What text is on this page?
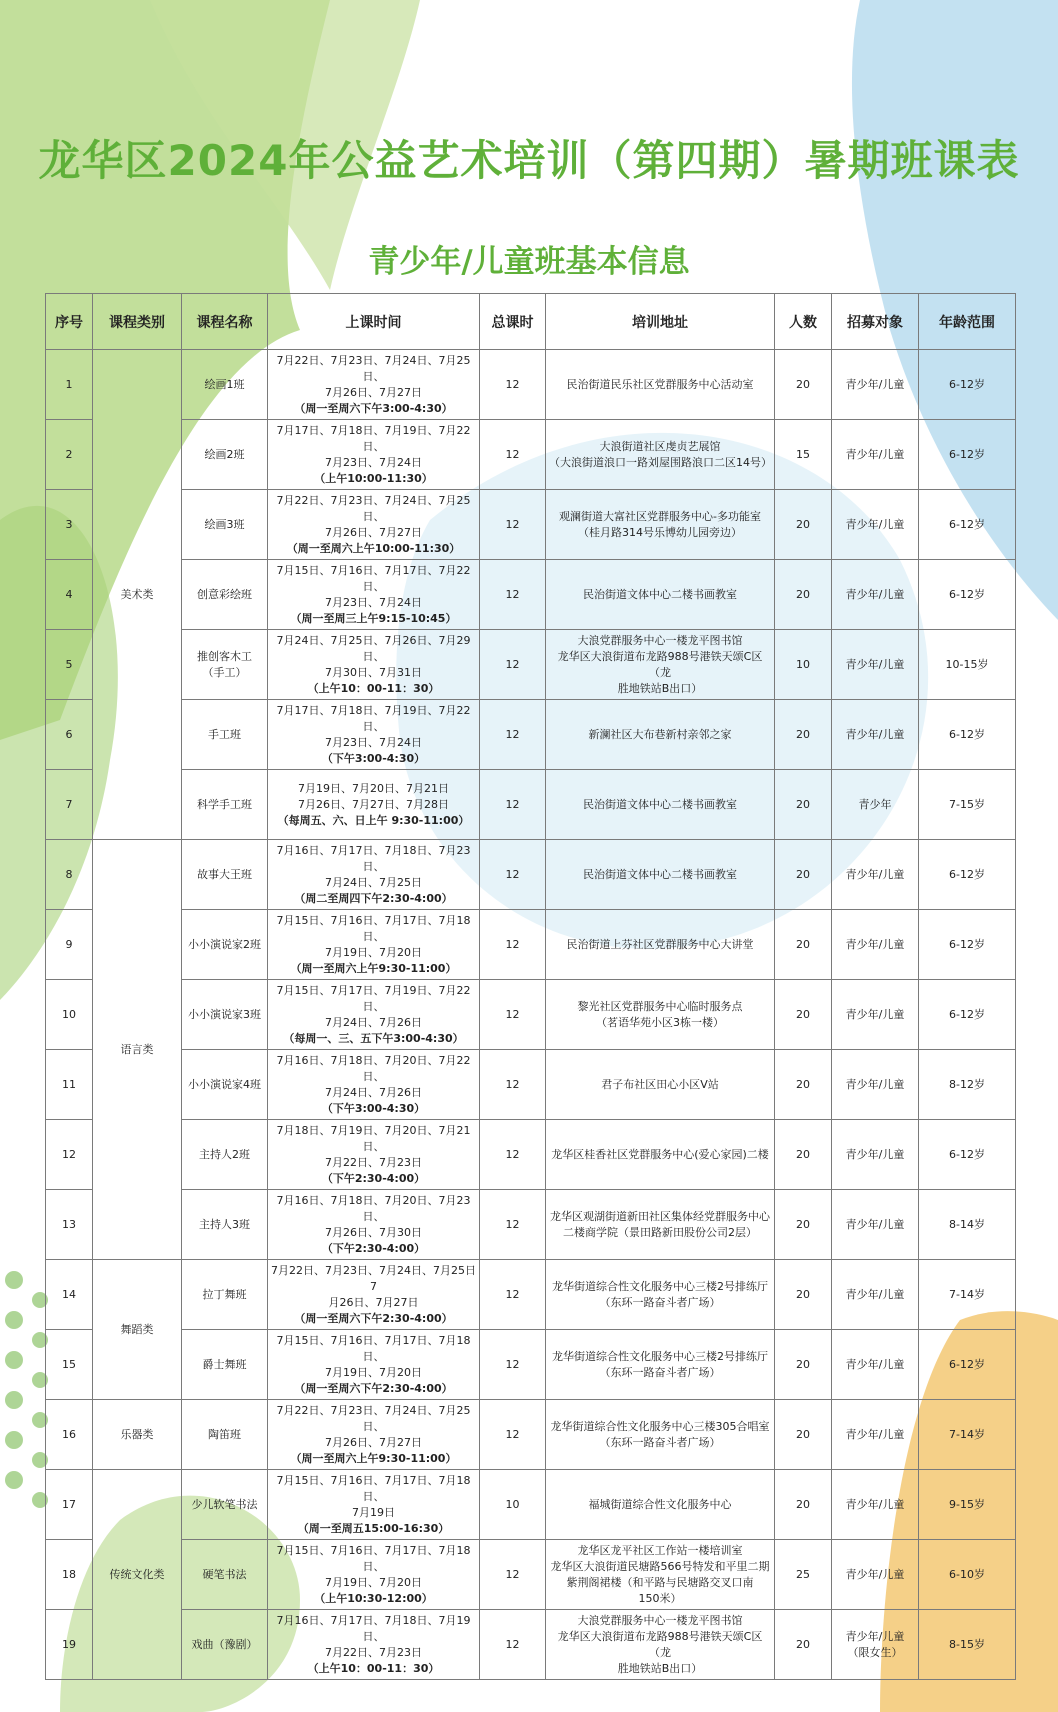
龙华区2024年公益艺术培训（第四期）暑期班课表
青少年/儿童班基本信息
序号	课程类别	课程名称	上课时间	总课时	培训地址	人数	招募对象	年龄范围
1	美术类	绘画1班	7月22日、7月23日、7月24日、7月25日、
7月26日、7月27日
（周一至周六下午3:00-4:30）	12	民治街道民乐社区党群服务中心活动室	20	青少年/儿童	6-12岁
2		绘画2班	7月17日、7月18日、7月19日、7月22日、
7月23日、7月24日
（上午10:00-11:30）	12	大浪街道社区虔贞艺展馆
（大浪街道浪口一路刘屋围路浪口二区14号）	15	青少年/儿童	6-12岁
3		绘画3班	7月22日、7月23日、7月24日、7月25日、
7月26日、7月27日
（周一至周六上午10:00-11:30）	12	观澜街道大富社区党群服务中心-多功能室
（桂月路314号乐博幼儿园旁边）	20	青少年/儿童	6-12岁
4		创意彩绘班	7月15日、7月16日、7月17日、7月22日、
7月23日、7月24日
（周一至周三上午9:15-10:45）	12	民治街道文体中心二楼书画教室	20	青少年/儿童	6-12岁
5		推创客木工
（手工）	7月24日、7月25日、7月26日、7月29日、
7月30日、7月31日
（上午10：00-11：30）	12	大浪党群服务中心一楼龙平图书馆
龙华区大浪街道布龙路988号港铁天颂C区（龙
胜地铁站B出口）	10	青少年/儿童	10-15岁
6		手工班	7月17日、7月18日、7月19日、7月22日、
7月23日、7月24日
（下午3:00-4:30）	12	新澜社区大布巷新村亲邻之家	20	青少年/儿童	6-12岁
7		科学手工班	7月19日、7月20日、7月21日
7月26日、7月27日、7月28日
（每周五、六、日上午 9:30-11:00）	12	民治街道文体中心二楼书画教室	20	青少年	7-15岁
8	语言类	故事大王班	7月16日、7月17日、7月18日、7月23日、
7月24日、7月25日
（周二至周四下午2:30-4:00）	12	民治街道文体中心二楼书画教室	20	青少年/儿童	6-12岁
9		小小演说家2班	7月15日、7月16日、7月17日、7月18日、
7月19日、7月20日
（周一至周六上午9:30-11:00）	12	民治街道上芬社区党群服务中心大讲堂	20	青少年/儿童	6-12岁
10		小小演说家3班	7月15日、7月17日、7月19日、7月22日、
7月24日、7月26日
（每周一、三、五下午3:00-4:30）	12	黎光社区党群服务中心临时服务点
（茗语华苑小区3栋一楼）	20	青少年/儿童	6-12岁
11		小小演说家4班	7月16日、7月18日、7月20日、7月22日、
7月24日、7月26日
（下午3:00-4:30）	12	君子布社区田心小区V站	20	青少年/儿童	8-12岁
12		主持人2班	7月18日、7月19日、7月20日、7月21日、
7月22日、7月23日
（下午2:30-4:00）	12	龙华区桂香社区党群服务中心(爱心家园)二楼	20	青少年/儿童	6-12岁
13		主持人3班	7月16日、7月18日、7月20日、7月23日、
7月26日、7月30日
（下午2:30-4:00）	12	龙华区观湖街道新田社区集体经党群服务中心
二楼商学院（景田路新田股份公司2层）	20	青少年/儿童	8-14岁
14	舞蹈类	拉丁舞班	7月22日、7月23日、7月24日、7月25日7
月26日、7月27日
（周一至周六下午2:30-4:00）	12	龙华街道综合性文化服务中心三楼2号排练厅
（东环一路奋斗者广场）	20	青少年/儿童	7-14岁
15		爵士舞班	7月15日、7月16日、7月17日、7月18日、
7月19日、7月20日
（周一至周六下午2:30-4:00）	12	龙华街道综合性文化服务中心三楼2号排练厅
（东环一路奋斗者广场）	20	青少年/儿童	6-12岁
16	乐器类	陶笛班	7月22日、7月23日、7月24日、7月25日、
7月26日、7月27日
（周一至周六上午9:30-11:00）	12	龙华街道综合性文化服务中心三楼305合唱室
（东环一路奋斗者广场）	20	青少年/儿童	7-14岁
17	传统文化类	少儿软笔书法	7月15日、7月16日、7月17日、7月18日、
7月19日
（周一至周五15:00-16:30）	10	福城街道综合性文化服务中心	20	青少年/儿童	9-15岁
18		硬笔书法	7月15日、7月16日、7月17日、7月18日、
7月19日、7月20日
（上午10:30-12:00）	12	龙华区龙平社区工作站一楼培训室
龙华区大浪街道民塘路566号特发和平里二期
紫荆阁裙楼（和平路与民塘路交叉口南
150米）	25	青少年/儿童	6-10岁
19		戏曲（豫剧）	7月16日、7月17日、7月18日、7月19日、
7月22日、7月23日
（上午10：00-11：30）	12	大浪党群服务中心一楼龙平图书馆
龙华区大浪街道布龙路988号港铁天颂C区（龙
胜地铁站B出口）	20	青少年/儿童
（限女生）	8-15岁
